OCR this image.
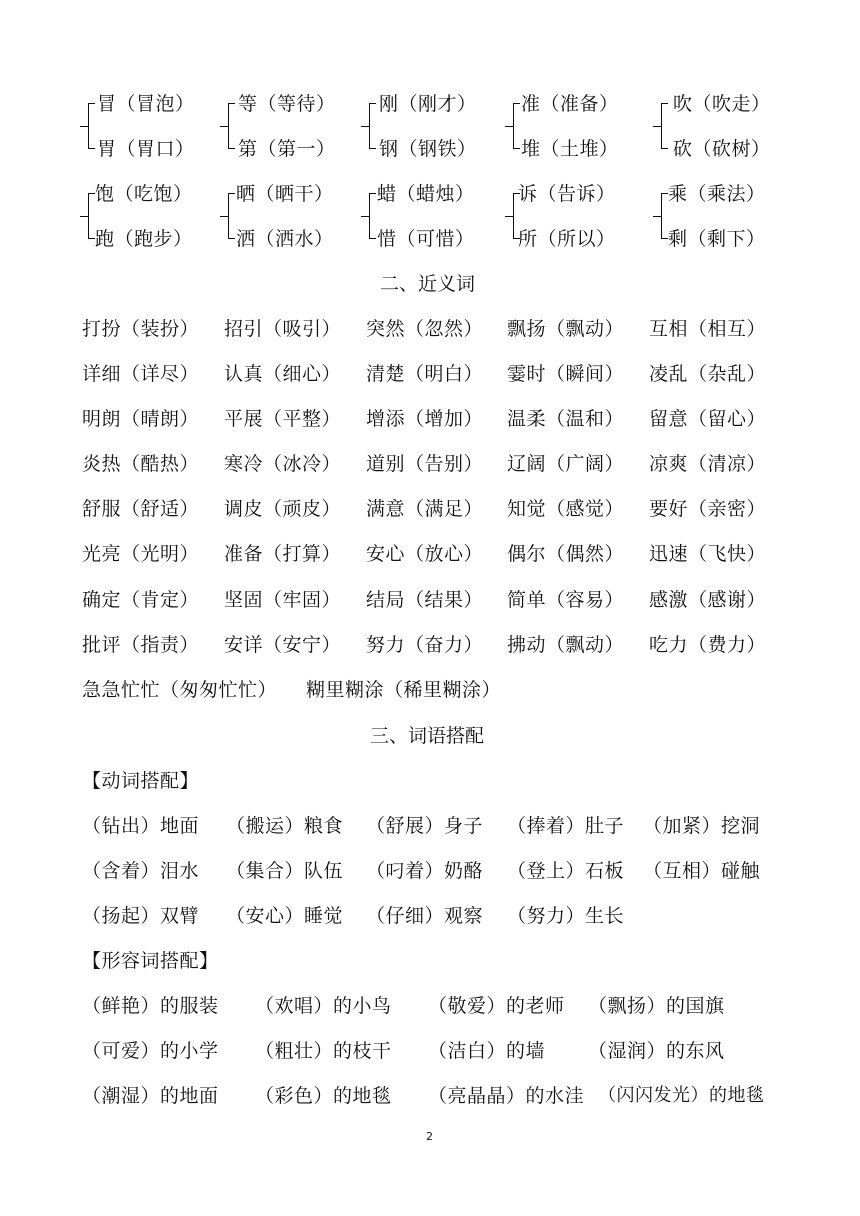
冒（冒泡）
胃（胃口）
等（等待）
第（第一）
刚（刚才）
钢（钢铁）
准（准备）
堆（土堆）
吹（吹走）
砍（砍树）
饱（吃饱）
跑（跑步）
晒（晒干）
洒（洒水）
蜡（蜡烛）
惜（可惜）
诉（告诉）
所（所以）
乘（乘法）
剩（剩下）
二、近义词
打扮（装扮） 招引（吸引） 突然（忽然） 飘扬（飘动） 互相（相互）
详细（详尽） 认真（细心） 清楚（明白） 霎时（瞬间） 凌乱（杂乱）
明朗（晴朗） 平展（平整） 增添（增加） 温柔（温和） 留意（留心）
炎热（酷热） 寒冷（冰冷） 道别（告别） 辽阔（广阔） 凉爽（清凉）
舒服（舒适） 调皮（顽皮） 满意（满足） 知觉（感觉） 要好（亲密）
光亮（光明） 准备（打算） 安心（放心） 偶尔（偶然） 迅速（飞快）
确定（肯定） 坚固（牢固） 结局（结果） 简单（容易） 感激（感谢）
批评（指责） 安详（安宁） 努力（奋力） 拂动（飘动） 吃力（费力）
急急忙忙（匆匆忙忙） 糊里糊涂（稀里糊涂）
三、词语搭配
【动词搭配】
（钻出）地面 （搬运）粮食 （舒展）身子 （捧着）肚子 （加紧）挖洞
（含着）泪水 （集合）队伍 （叼着）奶酪 （登上）石板 （互相）碰触
（扬起）双臂 （安心）睡觉 （仔细）观察 （努力）生长
【形容词搭配】
（鲜艳）的服装 （欢唱）的小鸟 （敬爱）的老师 （飘扬）的国旗
（可爱）的小学 （粗壮）的枝干 （洁白）的墙 （湿润）的东风
（潮湿）的地面 （彩色）的地毯 （亮晶晶）的水洼 （闪闪发光）的地毯
2
